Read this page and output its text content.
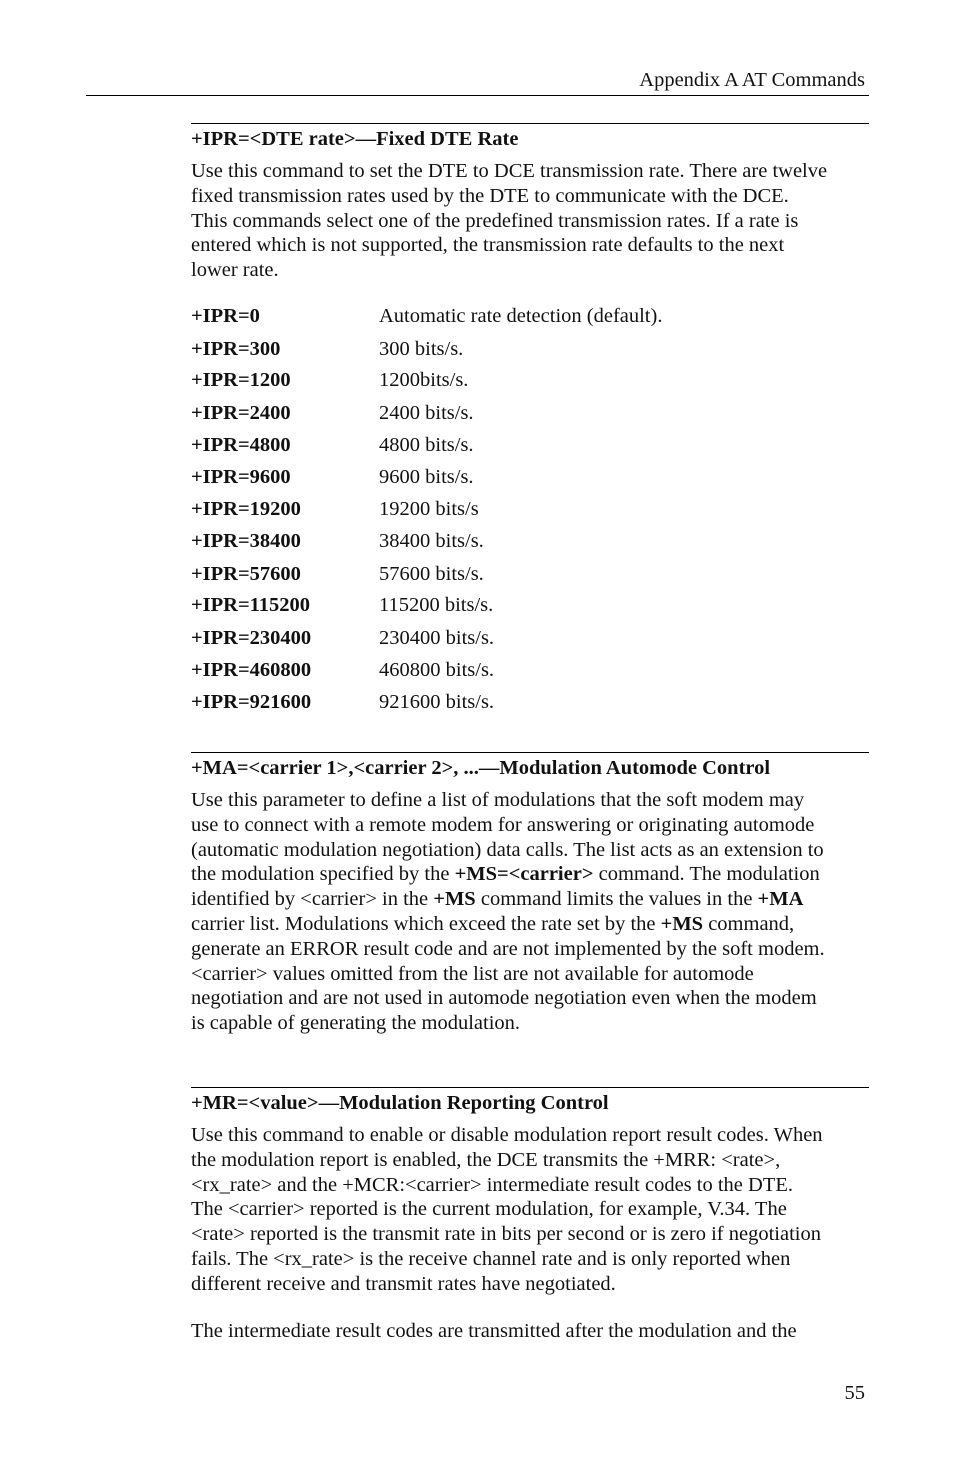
Appendix A AT Commands
+IPR=<DTE rate>—Fixed DTE Rate
Use this command to set the DTE to DCE transmission rate. There are twelve
fixed transmission rates used by the DTE to communicate with the DCE.
This commands select one of the predefined transmission rates. If a rate is
entered which is not supported, the transmission rate defaults to the next
lower rate.
+IPR=0	Automatic rate detection (default).
+IPR=300	300 bits/s.
+IPR=1200	1200bits/s.
+IPR=2400	2400 bits/s.
+IPR=4800	4800 bits/s.
+IPR=9600	9600 bits/s.
+IPR=19200	19200 bits/s
+IPR=38400	38400 bits/s.
+IPR=57600	57600 bits/s.
+IPR=115200	115200 bits/s.
+IPR=230400	230400 bits/s.
+IPR=460800	460800 bits/s.
+IPR=921600	921600 bits/s.
+MA=<carrier 1>,<carrier 2>, ...—Modulation Automode Control
Use this parameter to define a list of modulations that the soft modem may
use to connect with a remote modem for answering or originating automode
(automatic modulation negotiation) data calls. The list acts as an extension to
the modulation specified by the +MS=<carrier> command. The modulation
identified by <carrier> in the +MS command limits the values in the +MA
carrier list. Modulations which exceed the rate set by the +MS command,
generate an ERROR result code and are not implemented by the soft modem.
<carrier> values omitted from the list are not available for automode
negotiation and are not used in automode negotiation even when the modem
is capable of generating the modulation.
+MR=<value>—Modulation Reporting Control
Use this command to enable or disable modulation report result codes. When
the modulation report is enabled, the DCE transmits the +MRR: <rate>,
<rx_rate> and the +MCR:<carrier> intermediate result codes to the DTE.
The <carrier> reported is the current modulation, for example, V.34. The
<rate> reported is the transmit rate in bits per second or is zero if negotiation
fails. The <rx_rate> is the receive channel rate and is only reported when
different receive and transmit rates have negotiated.
The intermediate result codes are transmitted after the modulation and the
55
